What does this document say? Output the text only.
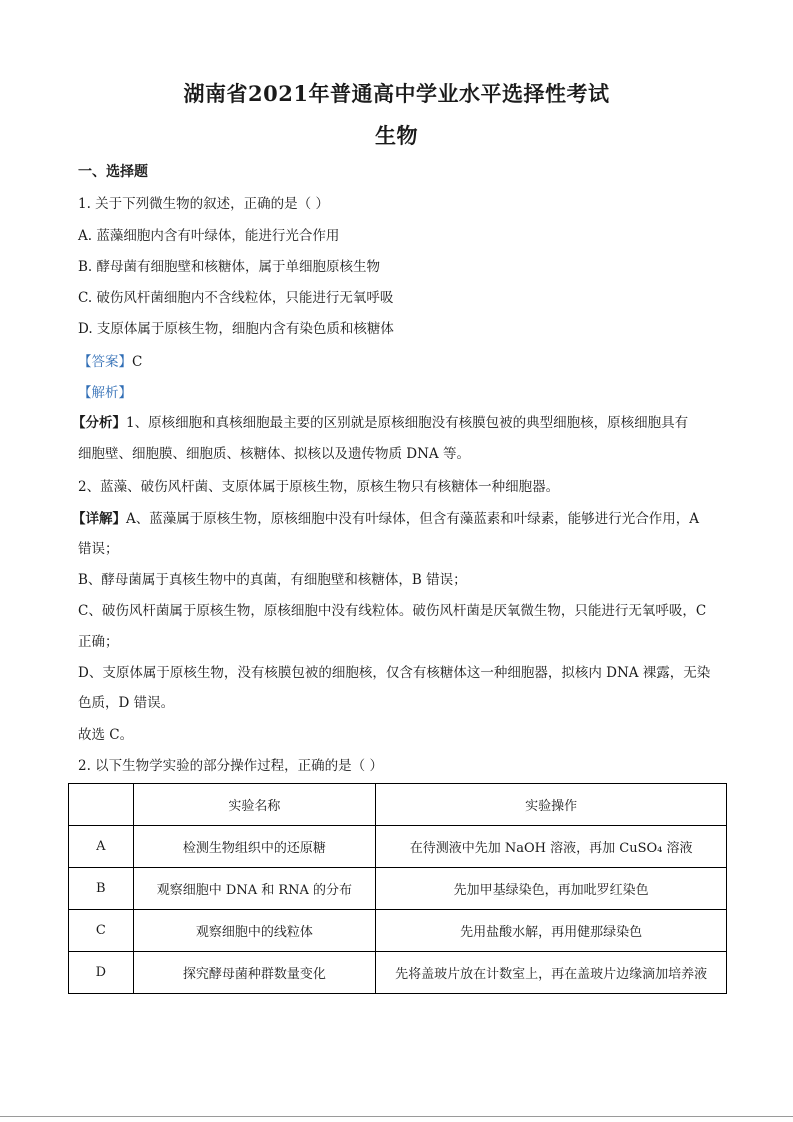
湖南省2021年普通高中学业水平选择性考试
生物
一、选择题
1. 关于下列微生物的叙述，正确的是（ ）
A. 蓝藻细胞内含有叶绿体，能进行光合作用
B. 酵母菌有细胞壁和核糖体，属于单细胞原核生物
C. 破伤风杆菌细胞内不含线粒体，只能进行无氧呼吸
D. 支原体属于原核生物，细胞内含有染色质和核糖体
【答案】C
【解析】
【分析】1、原核细胞和真核细胞最主要的区别就是原核细胞没有核膜包被的典型细胞核，原核细胞具有
细胞壁、细胞膜、细胞质、核糖体、拟核以及遗传物质 DNA 等。
2、蓝藻、破伤风杆菌、支原体属于原核生物，原核生物只有核糖体一种细胞器。
【详解】A、蓝藻属于原核生物，原核细胞中没有叶绿体，但含有藻蓝素和叶绿素，能够进行光合作用，A
错误；
B、酵母菌属于真核生物中的真菌，有细胞壁和核糖体，B 错误；
C、破伤风杆菌属于原核生物，原核细胞中没有线粒体。破伤风杆菌是厌氧微生物，只能进行无氧呼吸，C
正确；
D、支原体属于原核生物，没有核膜包被的细胞核，仅含有核糖体这一种细胞器，拟核内 DNA 裸露，无染
色质，D 错误。
故选 C。
2. 以下生物学实验的部分操作过程，正确的是（ ）
	实验名称	实验操作
A	检测生物组织中的还原糖	在待测液中先加 NaOH 溶液，再加 CuSO₄ 溶液
B	观察细胞中 DNA 和 RNA 的分布	先加甲基绿染色，再加吡罗红染色
C	观察细胞中的线粒体	先用盐酸水解，再用健那绿染色
D	探究酵母菌种群数量变化	先将盖玻片放在计数室上，再在盖玻片边缘滴加培养液
